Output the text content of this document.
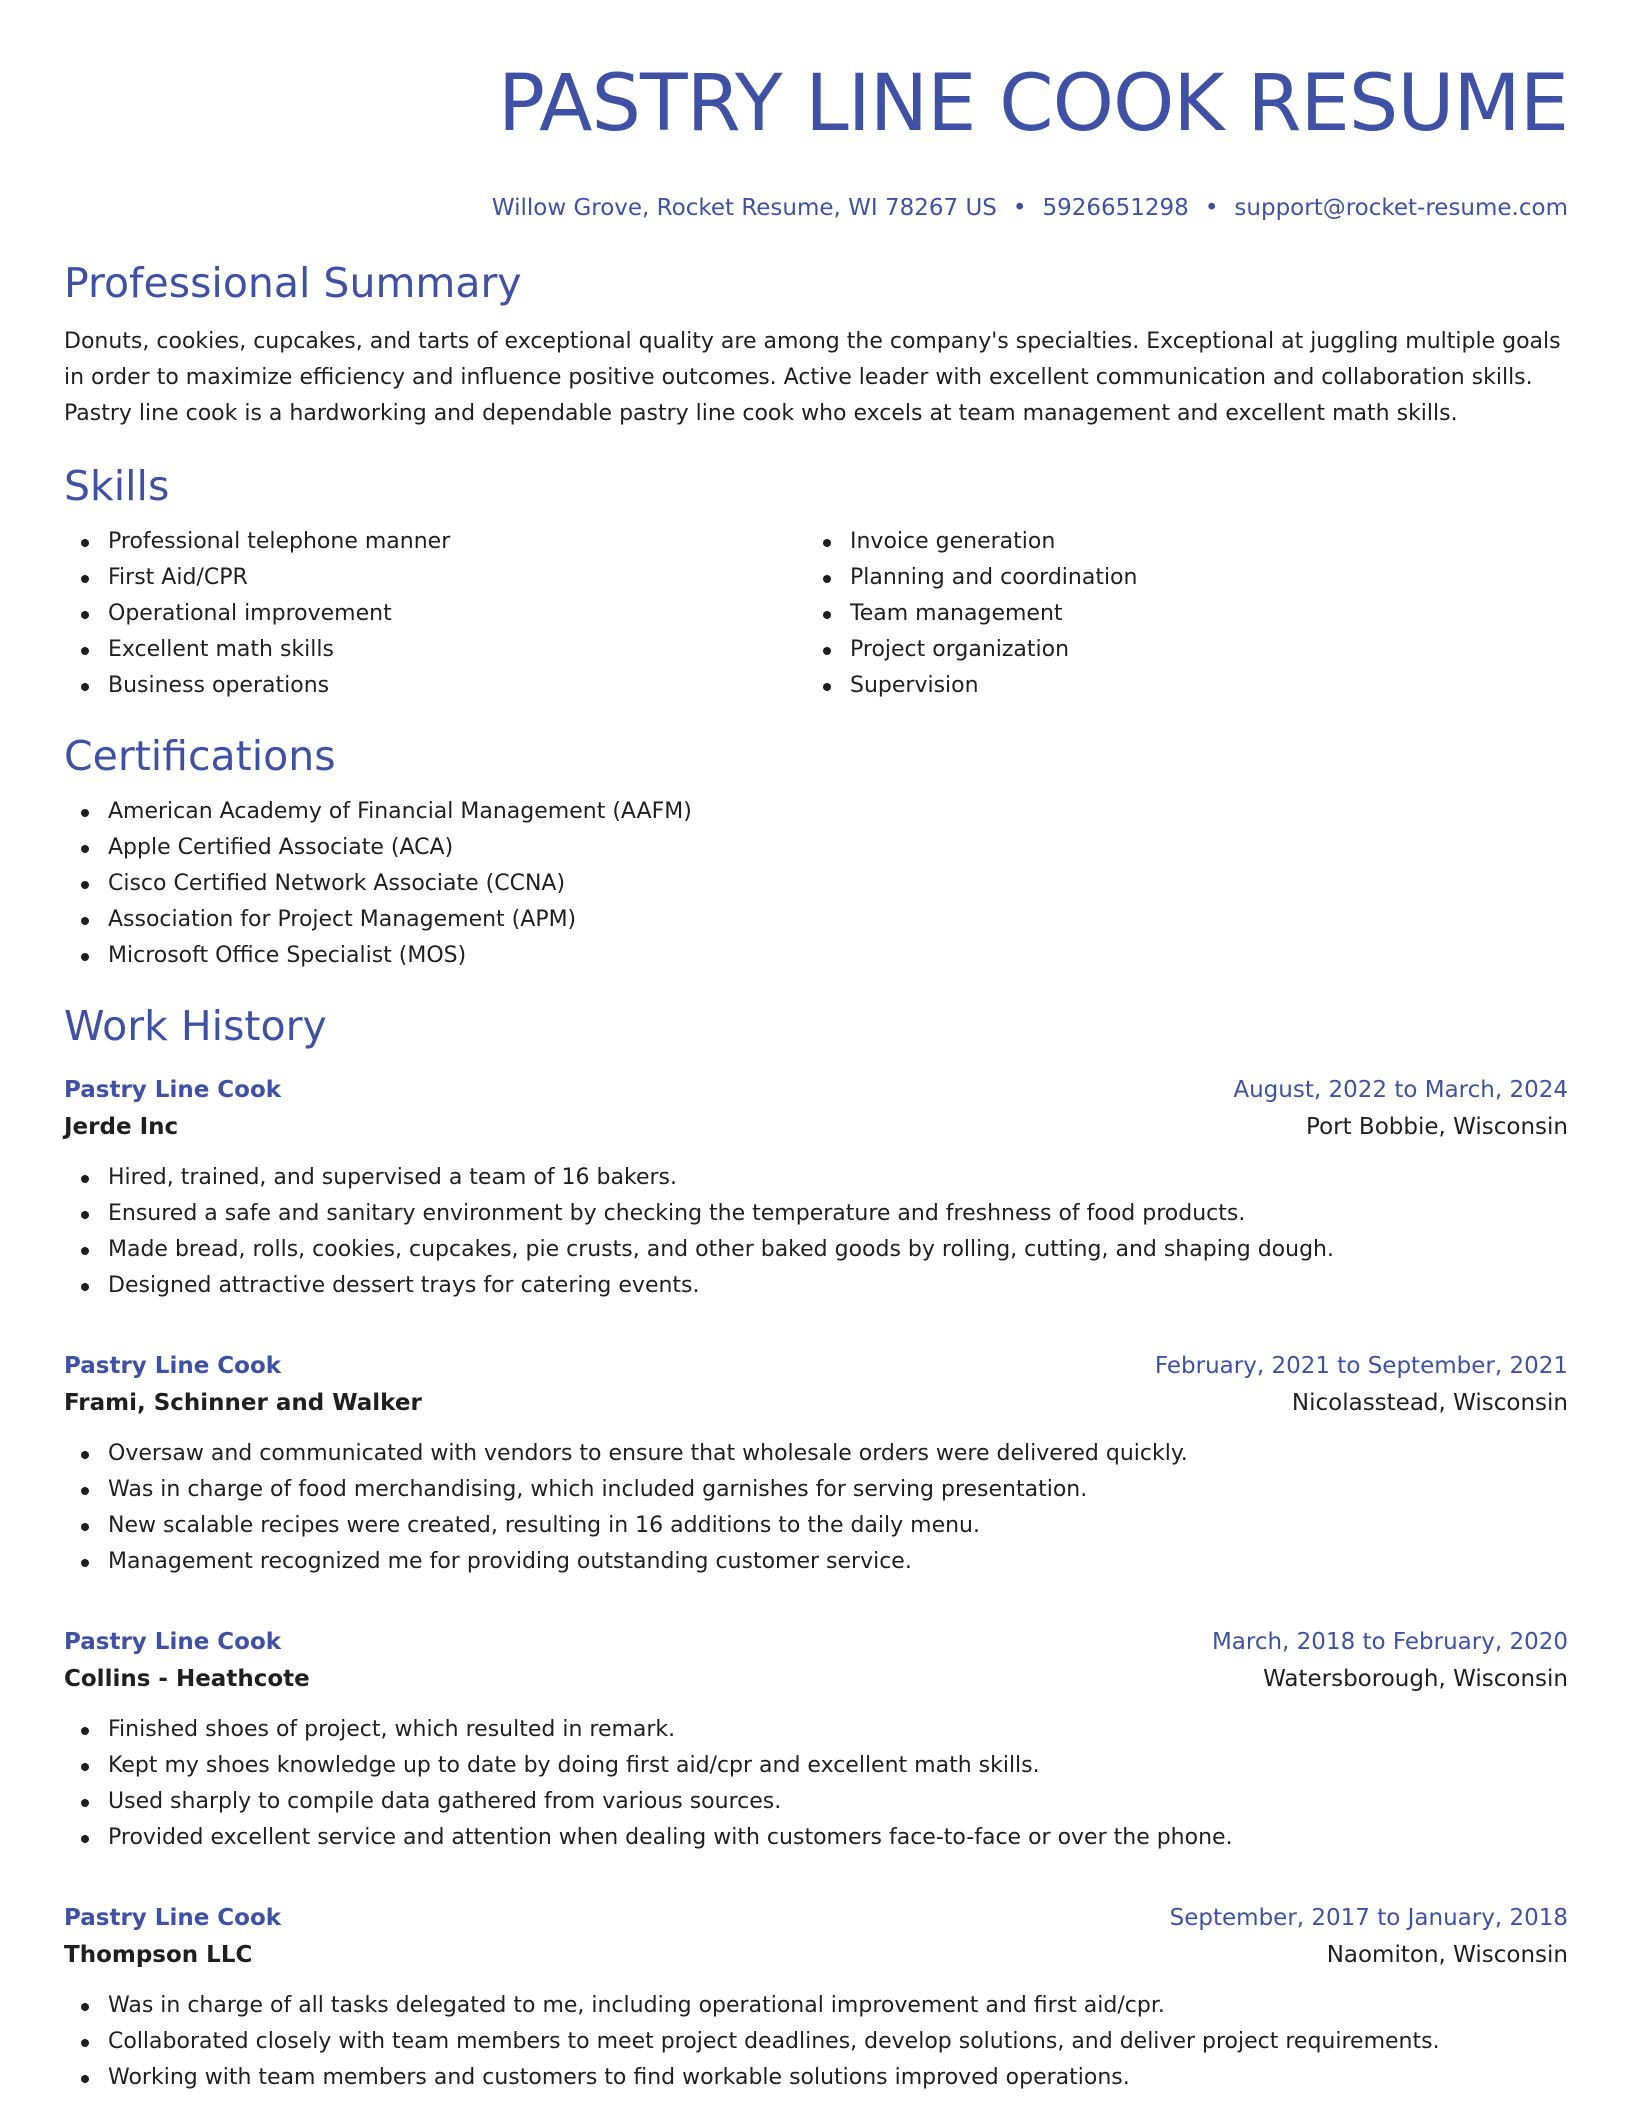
PASTRY LINE COOK RESUME
Willow Grove, Rocket Resume, WI 78267 US • 5926651298 • support@rocket-resume.com
Professional Summary

Donuts, cookies, cupcakes, and tarts of exceptional quality are among the company's specialties. Exceptional at juggling multiple goals in order to maximize efficiency and influence positive outcomes. Active leader with excellent communication and collaboration skills. Pastry line cook is a hardworking and dependable pastry line cook who excels at team management and excellent math skills.

Skills
Professional telephone manner
First Aid/CPR
Operational improvement
Excellent math skills
Business operations
Invoice generation
Planning and coordination
Team management
Project organization
Supervision
Certifications
American Academy of Financial Management (AAFM)
Apple Certified Associate (ACA)
Cisco Certified Network Associate (CCNA)
Association for Project Management (APM)
Microsoft Office Specialist (MOS)
Work History
Pastry Line Cook	August, 2022 to March, 2024
Jerde Inc	Port Bobbie, Wisconsin
Hired, trained, and supervised a team of 16 bakers.
Ensured a safe and sanitary environment by checking the temperature and freshness of food products.
Made bread, rolls, cookies, cupcakes, pie crusts, and other baked goods by rolling, cutting, and shaping dough.
Designed attractive dessert trays for catering events.
Pastry Line Cook	February, 2021 to September, 2021
Frami, Schinner and Walker	Nicolasstead, Wisconsin
Oversaw and communicated with vendors to ensure that wholesale orders were delivered quickly.
Was in charge of food merchandising, which included garnishes for serving presentation.
New scalable recipes were created, resulting in 16 additions to the daily menu.
Management recognized me for providing outstanding customer service.
Pastry Line Cook	March, 2018 to February, 2020
Collins - Heathcote	Watersborough, Wisconsin
Finished shoes of project, which resulted in remark.
Kept my shoes knowledge up to date by doing first aid/cpr and excellent math skills.
Used sharply to compile data gathered from various sources.
Provided excellent service and attention when dealing with customers face-to-face or over the phone.
Pastry Line Cook	September, 2017 to January, 2018
Thompson LLC	Naomiton, Wisconsin
Was in charge of all tasks delegated to me, including operational improvement and first aid/cpr.
Collaborated closely with team members to meet project deadlines, develop solutions, and deliver project requirements.
Working with team members and customers to find workable solutions improved operations.
